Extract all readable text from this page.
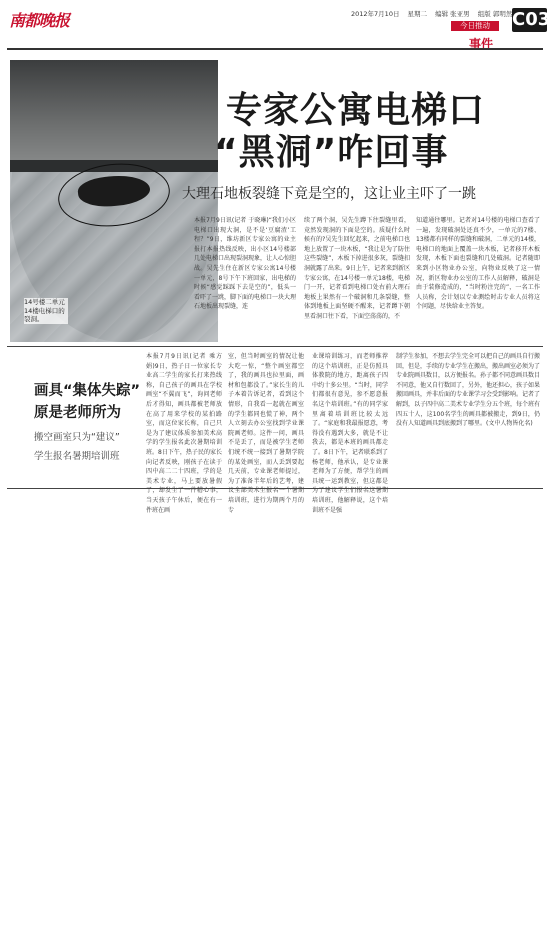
南都晚报	2012年7月10日 星期二 编辑 张亚男 组版 郭明然
今日推动
事件
C03
14号楼二单元14楼电梯口的裂洞。
专家公寓电梯口
“黑洞”咋回事
大理石地板裂缝下竟是空的，这让业主吓了一跳
本报7月9日讯(记者 于晓琳)“我们小区电梯口出现大洞，是不是‘豆腐渣’工程？”9日，维坊新区专家公寓的业主报打本报热线反映，出小区14号楼部几处电梯口出现裂洞现象，让人心惊胆战。吴先生住在新区专家公寓14号楼一单元，8号下午下班回家，出电梯的时候“感觉踩踩下去是空的”，低头一看吓了一跳，脚下面的电梯口一块大理石地板出现裂缝，连
续了两个洞，吴先生蹲下往裂缝里看，竟然发现洞的下面是空的。质疑什么时候有的?吴先生回忆起来，之前电梯口也地上放置了一块木板，“我让是为了防住这些裂缝”，木板下掉进很多灰，裂缝扣洞就露了出来。9日上午，记者来到新区专家公寓，在14号楼一单元18楼，电梯门一开，记者看到电梯口处右前大理石地板上果然有一个破洞和几条裂缝，整体到地板上面坚硬不醒来，记者蹲下朝里看洞口往下看，下面空荡荡的，不
知道通往哪里。记者对14号楼的电梯口查看了一遍，发现破洞处还真不少，一单元的7楼、13楼都有同样的裂缝和破洞，二单元的14楼，电梯口的地面上覆盖一块木板，记者移开木板发现，木板下面也裂缝和几处破洞。记者随即来到小区物业办公室，向物业反映了这一情况，新区物业办公室的工作人员解释，破洞是由于装修造成的，“当时粉注完的”，一名工作人员称，会计划以专业测绘时击专业人员将这个问题，尽快给业主答复。
画具“集体失踪”
原是老师所为
搬空画室只为“建议”
学生报名暑期培训班
本报7月9日讯(记者 乘方娟)9日，热子日一位家长专业高二学生的家长打来热线称，自己孩子的画具在学校画室“不翼而飞”，询问老师后才得知，画具都被老师放在高了用来学校的某拍路室，而这位家长称，自己只是为了建议体质参加美术高学的学生报名此次暑期培训班。8日下午，热子民的家长向记者反映，刚孩子在读于四中高二二十四班，学的是美术专业，马上要放暑假了，却发生了一件糟心事，当天孩子午休后，便在有一件班在画
室，但当时画室的情况让他大吃一惊，“整个画室都空了，我的画具也拉里面，画材和包都没了。”家长生的儿子本着告诉记者，看到这个情形，自我看一起就在画室的学生都同也慌了神，两个人立刻去办公室找到学业课院画老师。这件一问，画具不是丢了，而是被学生老师们统不统一接到了暑期学院的某处画室，而人丢到要起几天前，专业课老师提过，为了准备半年后的艺考，建议全部美术生报名一个暑期培训班，进行为期两个月的专
业课培训练习，而老师推荐的这个培训班，正是仿照具体教院的地方，距离孩子四中约十多公里。“当时，同学们都很有意见，参不愿意报名这个培训班。”有的同学家里离着培训班比较太远了。“家庭和我最报愿意，考得没有遇到大多，就是不让我去，都是本班的画具都走了。8日下午，记者联系到了杨老师，他承认，是专业课老师为了方便，帮学生的画具统一运到教室，但这都是为了建议学生们报名这暑期培训班，他解释说，这个培训班不是强
制学生参加，不想去学生完全可以把自己的画具自行搬回，但是，手续的专业学生在搬出，搬出画室必须为了专业院画具数目，以方便报名。孙子都不同意画具数目不同意，他又自行数回了，另外，他还担心，孩子如果搬回画具，并非后面的专业课学习会受到影响。记者了解到，以子四中高二美术专业学生分五个班，每个班有四五十人，这100名学生的画具都被搬走，到9日，仍没有人知道画具到底搬到了哪里。(文中人物皆化名)
